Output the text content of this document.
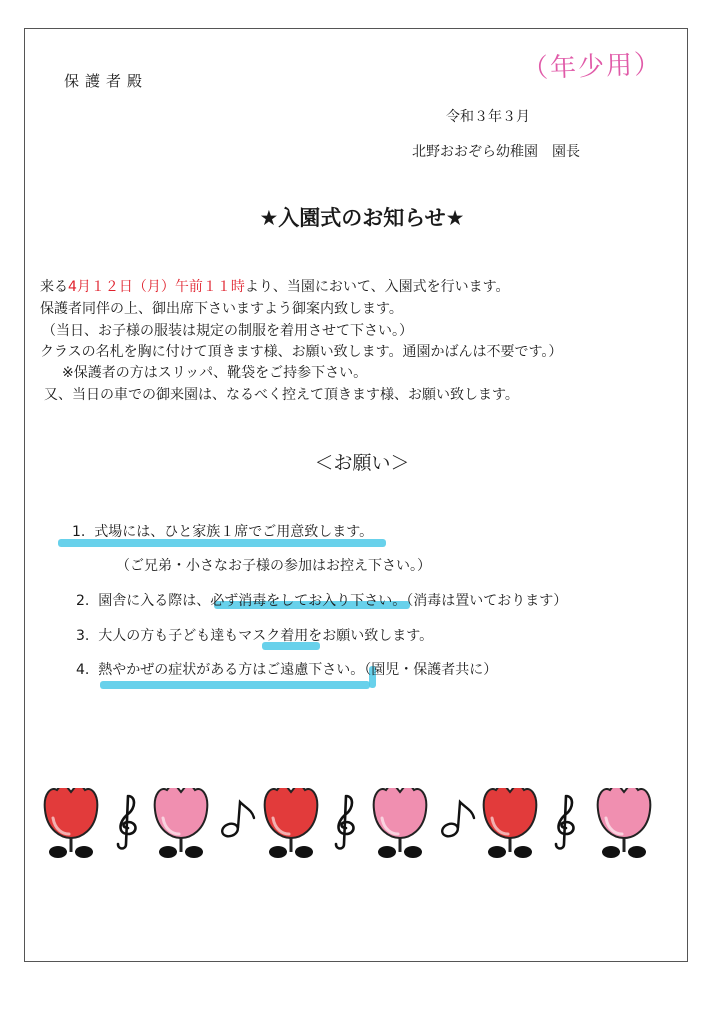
保護者殿	（年少用）
令和３年３月
北野おおぞら幼稚園　園長
★入園式のお知らせ★
来る4月１２日（月）午前１１時より、当園において、入園式を行います。
保護者同伴の上、御出席下さいますよう御案内致します。
（当日、お子様の服装は規定の制服を着用させて下さい。）
クラスの名札を胸に付けて頂きます様、お願い致します。通園かばんは不要です。）
※保護者の方はスリッパ、靴袋をご持参下さい。
又、当日の車での御来園は、なるべく控えて頂きます様、お願い致します。
＜お願い＞
1. 式場には、ひと家族１席でご用意致します。
（ご兄弟・小さなお子様の参加はお控え下さい。）
2. 園舎に入る際は、必ず消毒をしてお入り下さい。（消毒は置いております）
3. 大人の方も子ども達もマスク着用をお願い致します。
4. 熱やかぜの症状がある方はご遠慮下さい。（園児・保護者共に）
